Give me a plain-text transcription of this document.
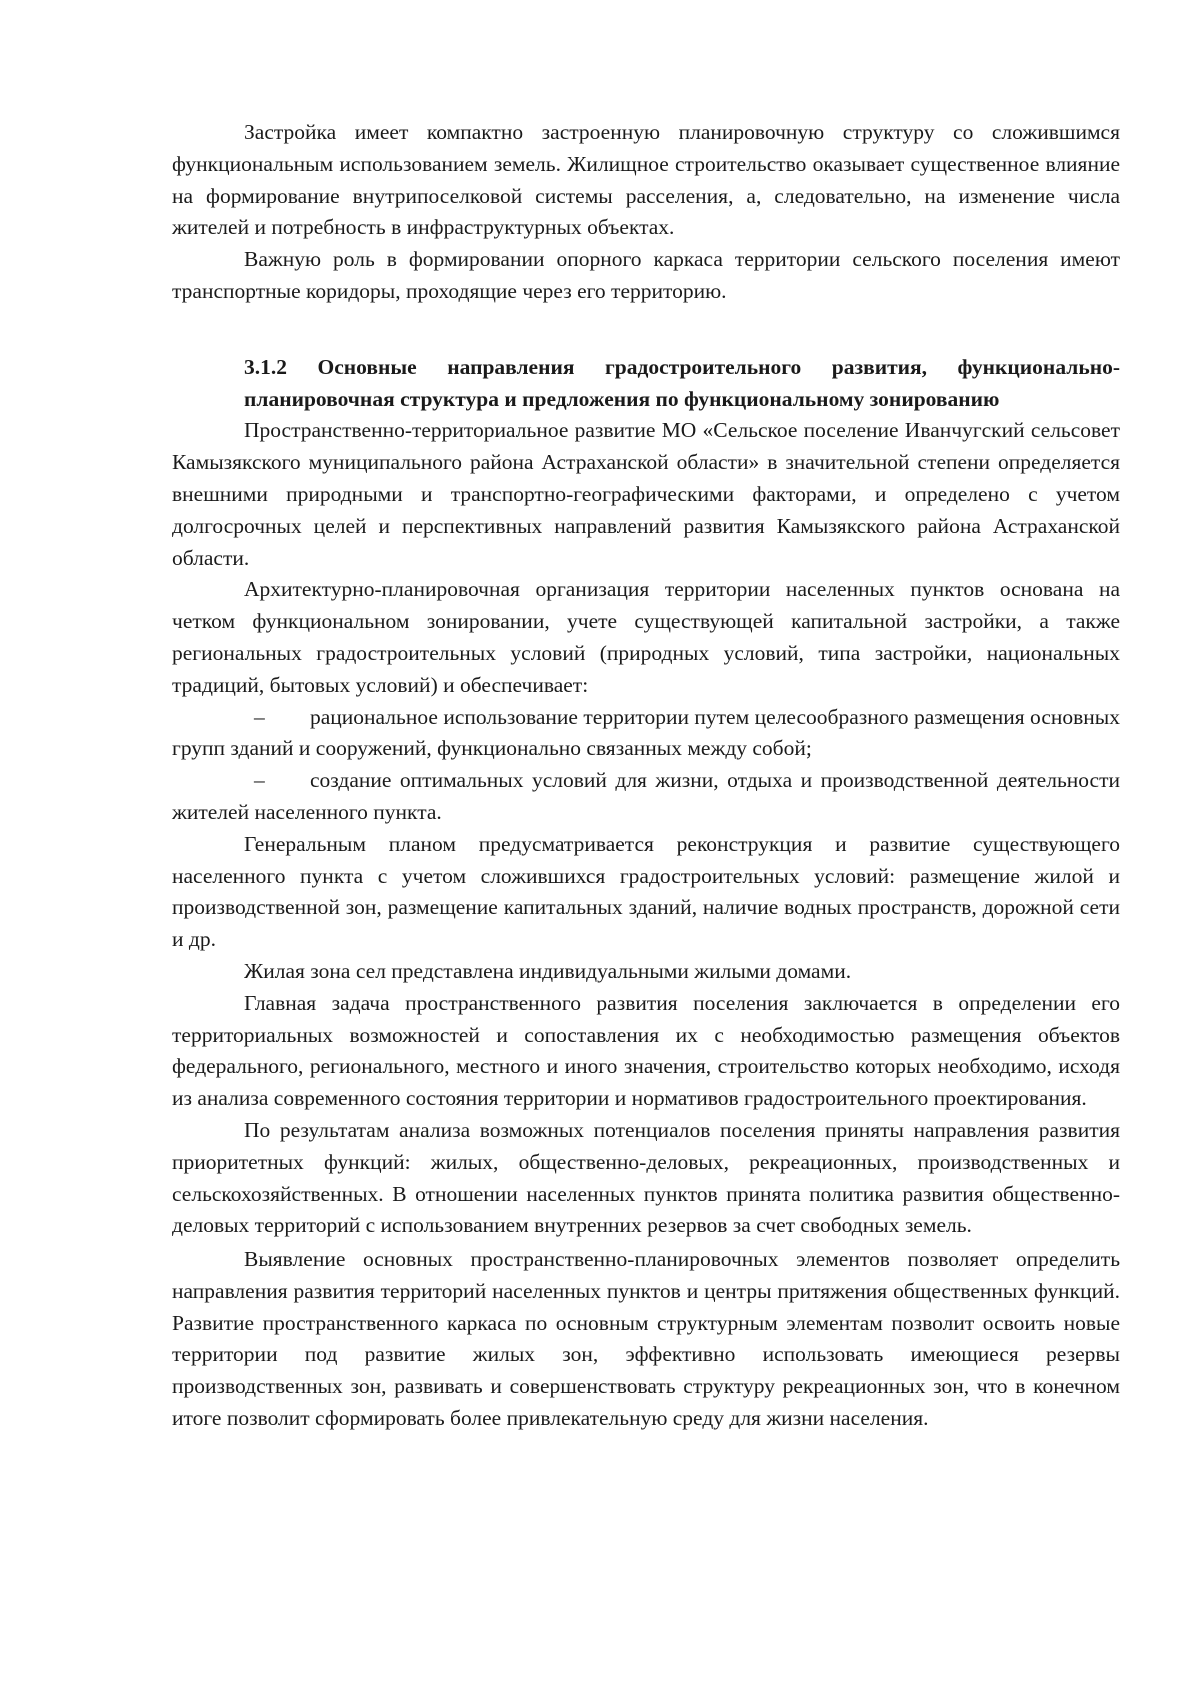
Застройка имеет компактно застроенную планировочную структуру со сложившимся функциональным использованием земель. Жилищное строительство оказывает существенное влияние на формирование внутрипоселковой системы расселения, а, следовательно, на изменение числа жителей и потребность в инфраструктурных объектах.

Важную роль в формировании опорного каркаса территории сельского поселения имеют транспортные коридоры, проходящие через его территорию.

3.1.2 Основные направления градостроительного развития, функционально-планировочная структура и предложения по функциональному зонированию

Пространственно-территориальное развитие МО «Сельское поселение Иванчугский сельсовет Камызякского муниципального района Астраханской области» в значительной степени определяется внешними природными и транспортно-географическими факторами, и определено с учетом долгосрочных целей и перспективных направлений развития Камызякского района Астраханской области.

Архитектурно-планировочная организация территории населенных пунктов основана на четком функциональном зонировании, учете существующей капитальной застройки, а также региональных градостроительных условий (природных условий, типа застройки, национальных традиций, бытовых условий) и обеспечивает:

– рациональное использование территории путем целесообразного размещения основных групп зданий и сооружений, функционально связанных между собой;

– создание оптимальных условий для жизни, отдыха и производственной деятельности жителей населенного пункта.

Генеральным планом предусматривается реконструкция и развитие существующего населенного пункта с учетом сложившихся градостроительных условий: размещение жилой и производственной зон, размещение капитальных зданий, наличие водных пространств, дорожной сети и др.

Жилая зона сел представлена индивидуальными жилыми домами.

Главная задача пространственного развития поселения заключается в определении его территориальных возможностей и сопоставления их с необходимостью размещения объектов федерального, регионального, местного и иного значения, строительство которых необходимо, исходя из анализа современного состояния территории и нормативов градостроительного проектирования.

По результатам анализа возможных потенциалов поселения приняты направления развития приоритетных функций: жилых, общественно-деловых, рекреационных, производственных и сельскохозяйственных. В отношении населенных пунктов принята политика развития общественно-деловых территорий с использованием внутренних резервов за счет свободных земель.

Выявление основных пространственно-планировочных элементов позволяет определить направления развития территорий населенных пунктов и центры притяжения общественных функций. Развитие пространственного каркаса по основным структурным элементам позволит освоить новые территории под развитие жилых зон, эффективно использовать имеющиеся резервы производственных зон, развивать и совершенствовать структуру рекреационных зон, что в конечном итоге позволит сформировать более привлекательную среду для жизни населения.
